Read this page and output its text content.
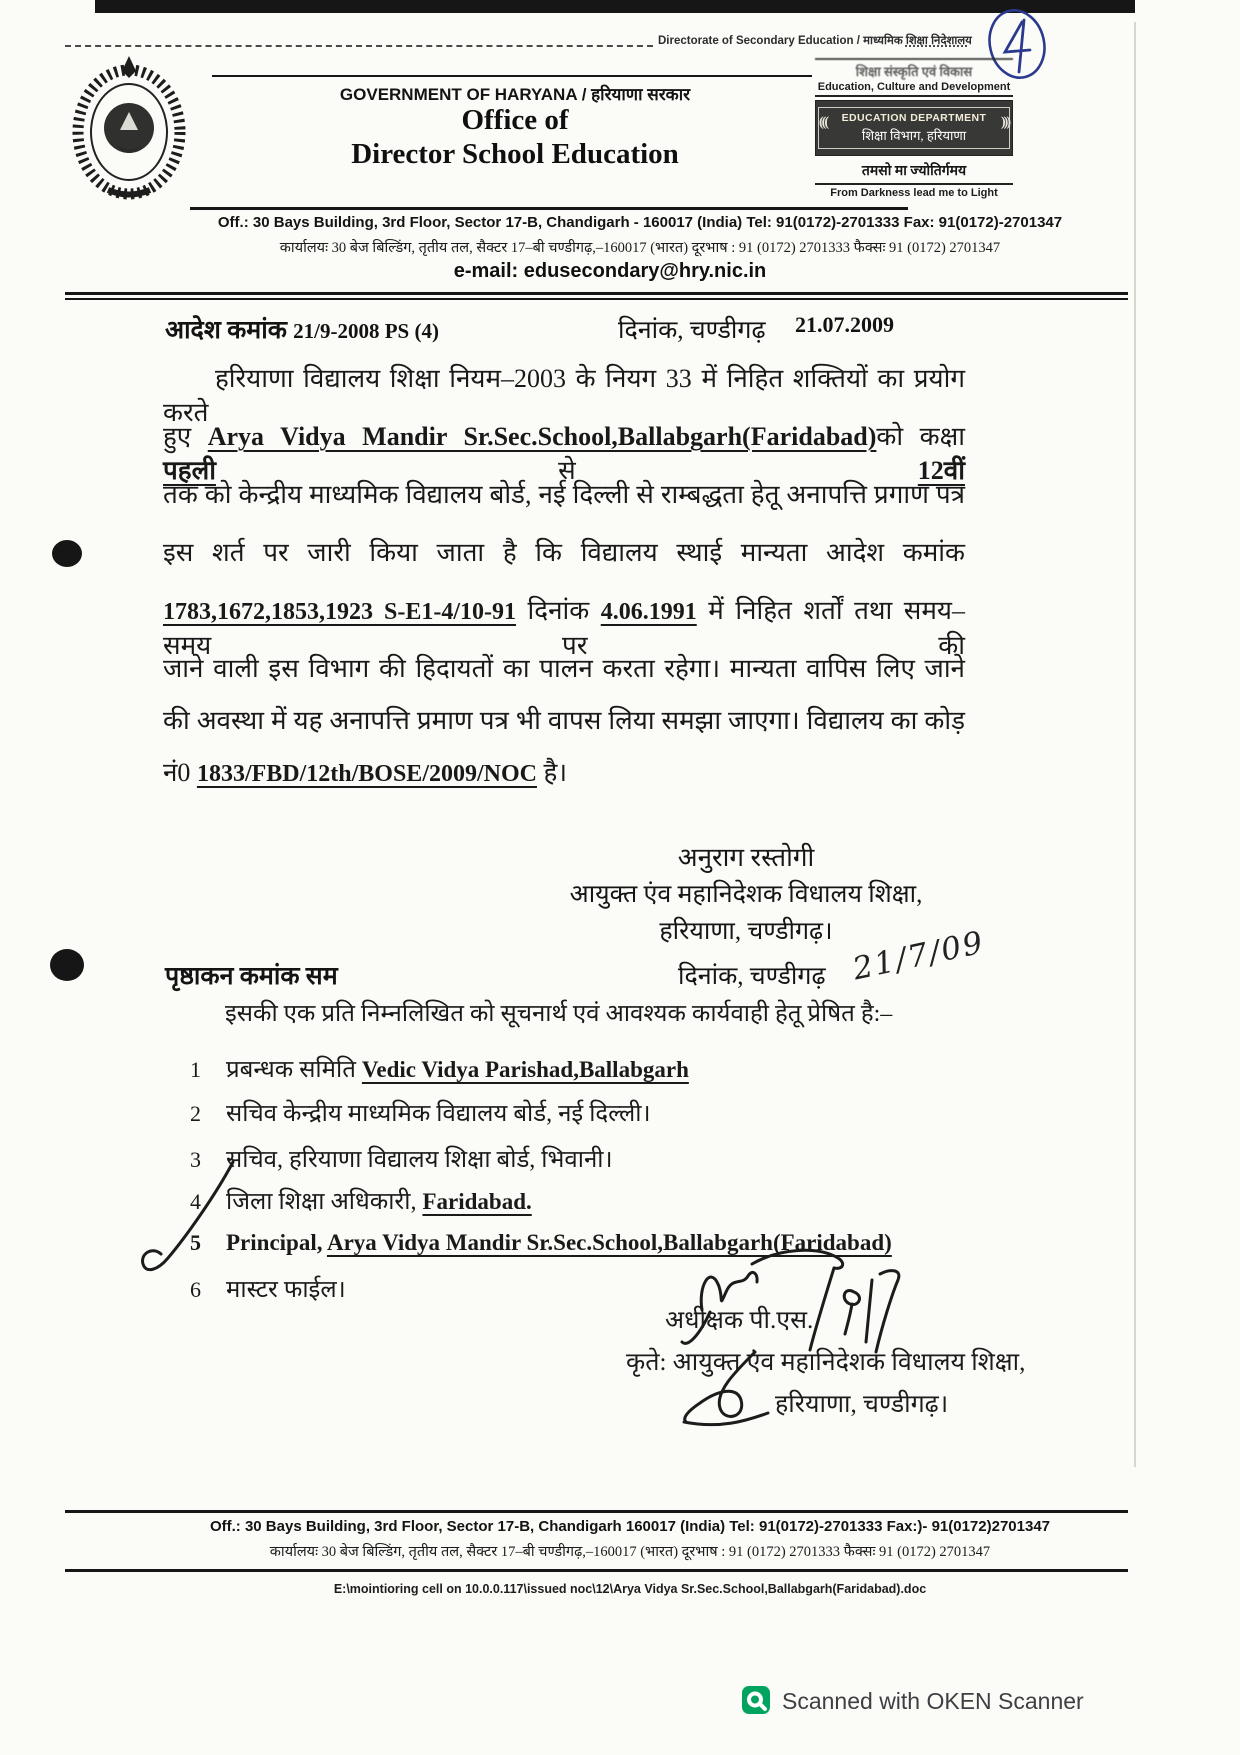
Directorate of Secondary Education / माध्यमिक शिक्षा निदेशालय
GOVERNMENT OF HARYANA / हरियाणा सरकार
Office of
Director School Education
शिक्षा संस्कृति एवं विकास
Education, Culture and Development
(((	)))
EDUCATION DEPARTMENT
शिक्षा विभाग, हरियाणा
तमसो मा ज्योतिर्गमय
From Darkness lead me to Light
Off.: 30 Bays Building, 3rd Floor, Sector 17-B, Chandigarh - 160017 (India) Tel: 91(0172)-2701333 Fax: 91(0172)-2701347
कार्यालयः 30 बेज बिल्डिंग, तृतीय तल, सैक्टर 17–बी चण्डीगढ़,–160017 (भारत) दूरभाष : 91 (0172) 2701333 फैक्सः 91 (0172) 2701347
e-mail: edusecondary@hry.nic.in
आदेश कमांक 21/9-2008 PS (4)	दिनांक, चण्डीगढ़ 21.07.2009
हरियाणा विद्यालय शिक्षा नियम–2003 के नियग 33 में निहित शक्तियों का प्रयोग करते
हुए Arya Vidya Mandir Sr.Sec.School,Ballabgarh(Faridabad)को कक्षा पहली से 12वीं
तक को केन्द्रीय माध्यमिक विद्यालय बोर्ड, नई दिल्ली से राम्बद्धता हेतू अनापत्ति प्रगाण पत्र
इस शर्त पर जारी किया जाता है कि विद्यालय स्थाई मान्यता आदेश कमांक
1783,1672,1853,1923 S-E1-4/10-91 दिनांक 4.06.1991 में निहित शर्तों तथा समय–समय पर की
जाने वाली इस विभाग की हिदायतों का पालन करता रहेगा। मान्यता वापिस लिए जाने
की अवस्था में यह अनापत्ति प्रमाण पत्र भी वापस लिया समझा जाएगा। विद्यालय का कोड़
नं0 1833/FBD/12th/BOSE/2009/NOC है।
अनुराग रस्तोगी
आयुक्त एंव महानिदेशक विधालय शिक्षा,
हरियाणा, चण्डीगढ़।
पृष्ठाकन कमांक सम	दिनांक, चण्डीगढ़ 21/7/09
इसकी एक प्रति निम्नलिखित को सूचनार्थ एवं आवश्यक कार्यवाही हेतू प्रेषित है:–
1 प्रबन्धक समिति Vedic Vidya Parishad,Ballabgarh
2 सचिव केन्द्रीय माध्यमिक विद्यालय बोर्ड, नई दिल्ली।
3 सचिव, हरियाणा विद्यालय शिक्षा बोर्ड, भिवानी।
4 जिला शिक्षा अधिकारी, Faridabad.
5 Principal, Arya Vidya Mandir Sr.Sec.School,Ballabgarh(Faridabad)
6 मास्टर फाईल।
अधीक्षक पी.एस.
कृते: आयुक्त एंव महानिदेशक विधालय शिक्षा,
हरियाणा, चण्डीगढ़।
Off.: 30 Bays Building, 3rd Floor, Sector 17-B, Chandigarh 160017 (India) Tel: 91(0172)-2701333 Fax:)- 91(0172)2701347
कार्यालयः 30 बेज बिल्डिंग, तृतीय तल, सैक्टर 17–बी चण्डीगढ़,–160017 (भारत) दूरभाष : 91 (0172) 2701333 फैक्सः 91 (0172) 2701347
E:\mointioring cell on 10.0.0.117\issued noc\12\Arya Vidya Sr.Sec.School,Ballabgarh(Faridabad).doc
Scanned with OKEN Scanner
